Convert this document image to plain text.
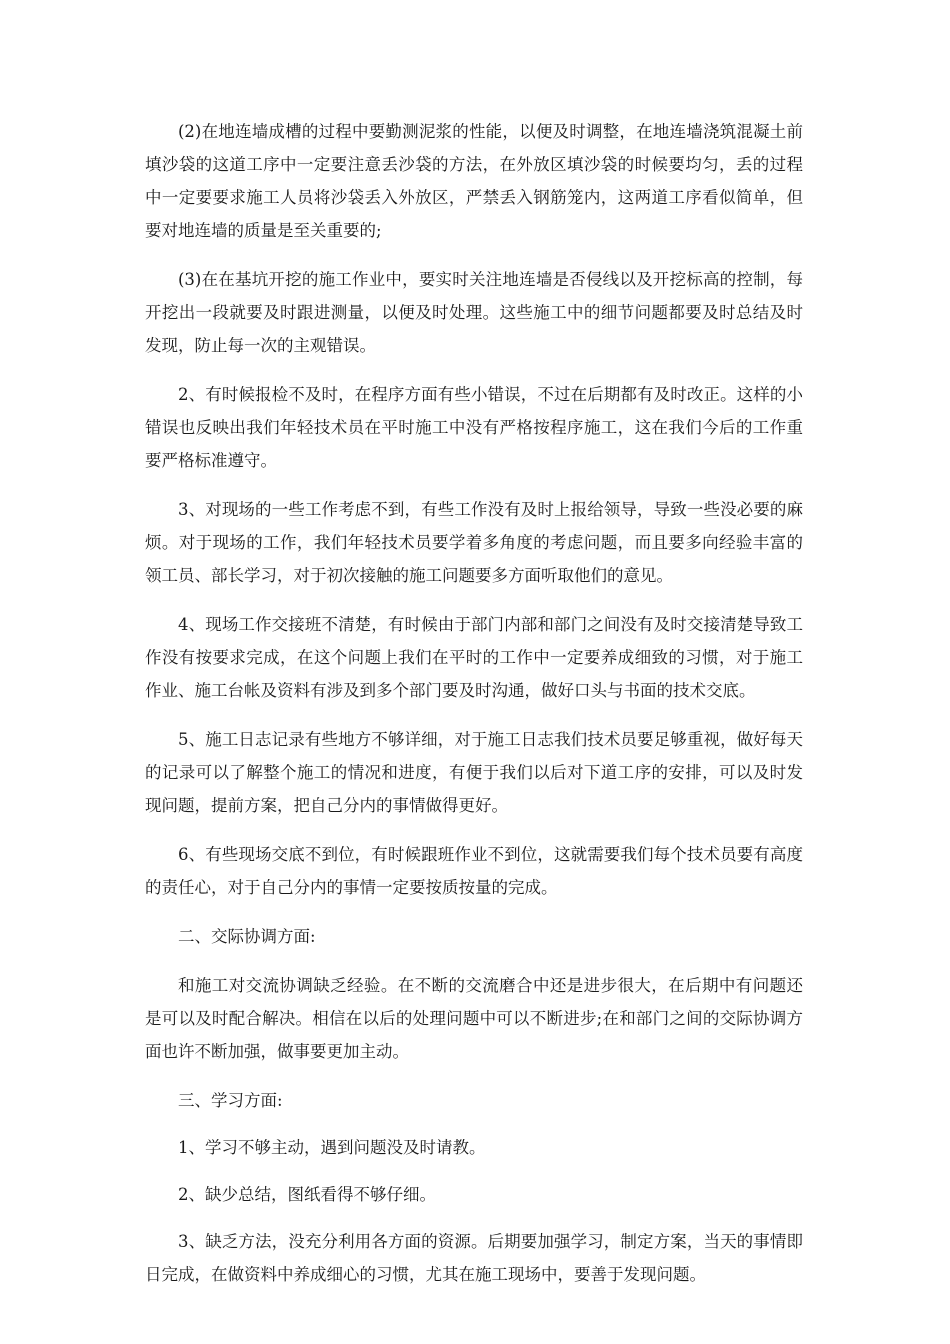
(2)在地连墙成槽的过程中要勤测泥浆的性能，以便及时调整，在地连墙浇筑混凝土前填沙袋的这道工序中一定要注意丢沙袋的方法，在外放区填沙袋的时候要均匀，丢的过程中一定要要求施工人员将沙袋丢入外放区，严禁丢入钢筋笼内，这两道工序看似简单，但要对地连墙的质量是至关重要的;

(3)在在基坑开挖的施工作业中，要实时关注地连墙是否侵线以及开挖标高的控制，每开挖出一段就要及时跟进测量，以便及时处理。这些施工中的细节问题都要及时总结及时发现，防止每一次的主观错误。

2、有时候报检不及时，在程序方面有些小错误，不过在后期都有及时改正。这样的小错误也反映出我们年轻技术员在平时施工中没有严格按程序施工，这在我们今后的工作重要严格标准遵守。

3、对现场的一些工作考虑不到，有些工作没有及时上报给领导，导致一些没必要的麻烦。对于现场的工作，我们年轻技术员要学着多角度的考虑问题，而且要多向经验丰富的领工员、部长学习，对于初次接触的施工问题要多方面听取他们的意见。

4、现场工作交接班不清楚，有时候由于部门内部和部门之间没有及时交接清楚导致工作没有按要求完成，在这个问题上我们在平时的工作中一定要养成细致的习惯，对于施工作业、施工台帐及资料有涉及到多个部门要及时沟通，做好口头与书面的技术交底。

5、施工日志记录有些地方不够详细，对于施工日志我们技术员要足够重视，做好每天的记录可以了解整个施工的情况和进度，有便于我们以后对下道工序的安排，可以及时发现问题，提前方案，把自己分内的事情做得更好。

6、有些现场交底不到位，有时候跟班作业不到位，这就需要我们每个技术员要有高度的责任心，对于自己分内的事情一定要按质按量的完成。

二、交际协调方面:

和施工对交流协调缺乏经验。在不断的交流磨合中还是进步很大，在后期中有问题还是可以及时配合解决。相信在以后的处理问题中可以不断进步;在和部门之间的交际协调方面也许不断加强，做事要更加主动。

三、学习方面:

1、学习不够主动，遇到问题没及时请教。

2、缺少总结，图纸看得不够仔细。

3、缺乏方法，没充分利用各方面的资源。后期要加强学习，制定方案，当天的事情即日完成，在做资料中养成细心的习惯，尤其在施工现场中，要善于发现问题。
